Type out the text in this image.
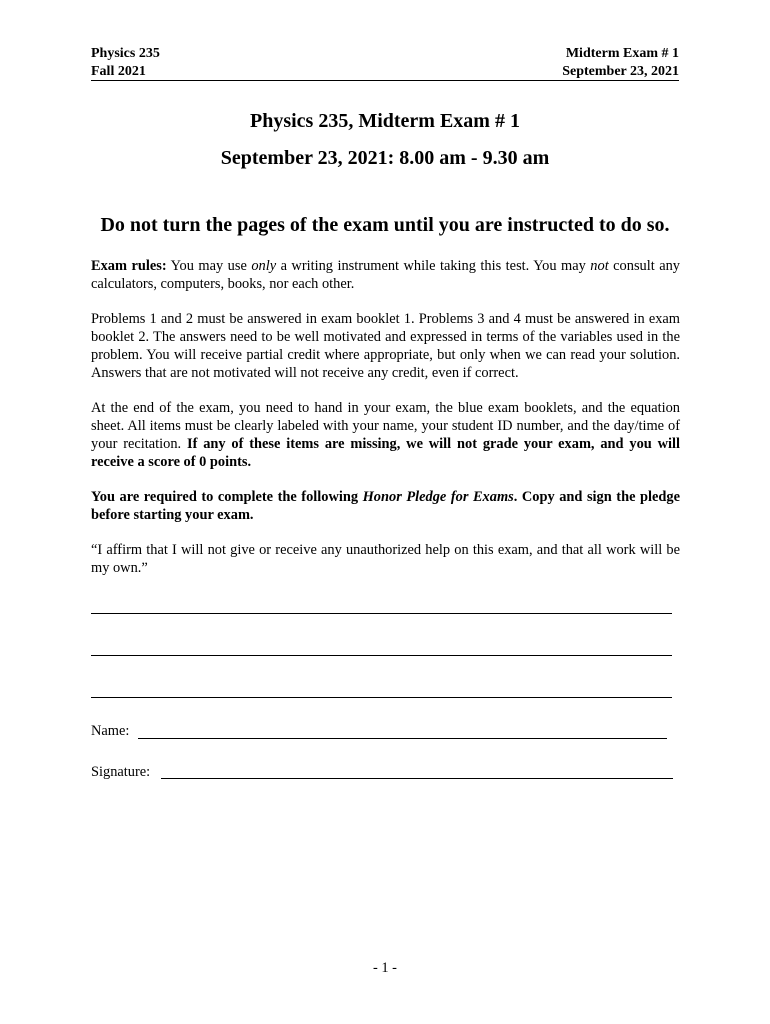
Physics 235	Midterm Exam # 1
Fall 2021	September 23, 2021
Physics 235, Midterm Exam # 1
September 23, 2021: 8.00 am - 9.30 am
Do not turn the pages of the exam until you are instructed to do so.
Exam rules: You may use only a writing instrument while taking this test. You may not consult any calculators, computers, books, nor each other.
Problems 1 and 2 must be answered in exam booklet 1. Problems 3 and 4 must be answered in exam booklet 2. The answers need to be well motivated and expressed in terms of the variables used in the problem. You will receive partial credit where appropriate, but only when we can read your solution. Answers that are not motivated will not receive any credit, even if correct.
At the end of the exam, you need to hand in your exam, the blue exam booklets, and the equation sheet. All items must be clearly labeled with your name, your student ID number, and the day/time of your recitation. If any of these items are missing, we will not grade your exam, and you will receive a score of 0 points.
You are required to complete the following Honor Pledge for Exams. Copy and sign the pledge before starting your exam.
“I affirm that I will not give or receive any unauthorized help on this exam, and that all work will be my own.”
Name:
Signature:
- 1 -
